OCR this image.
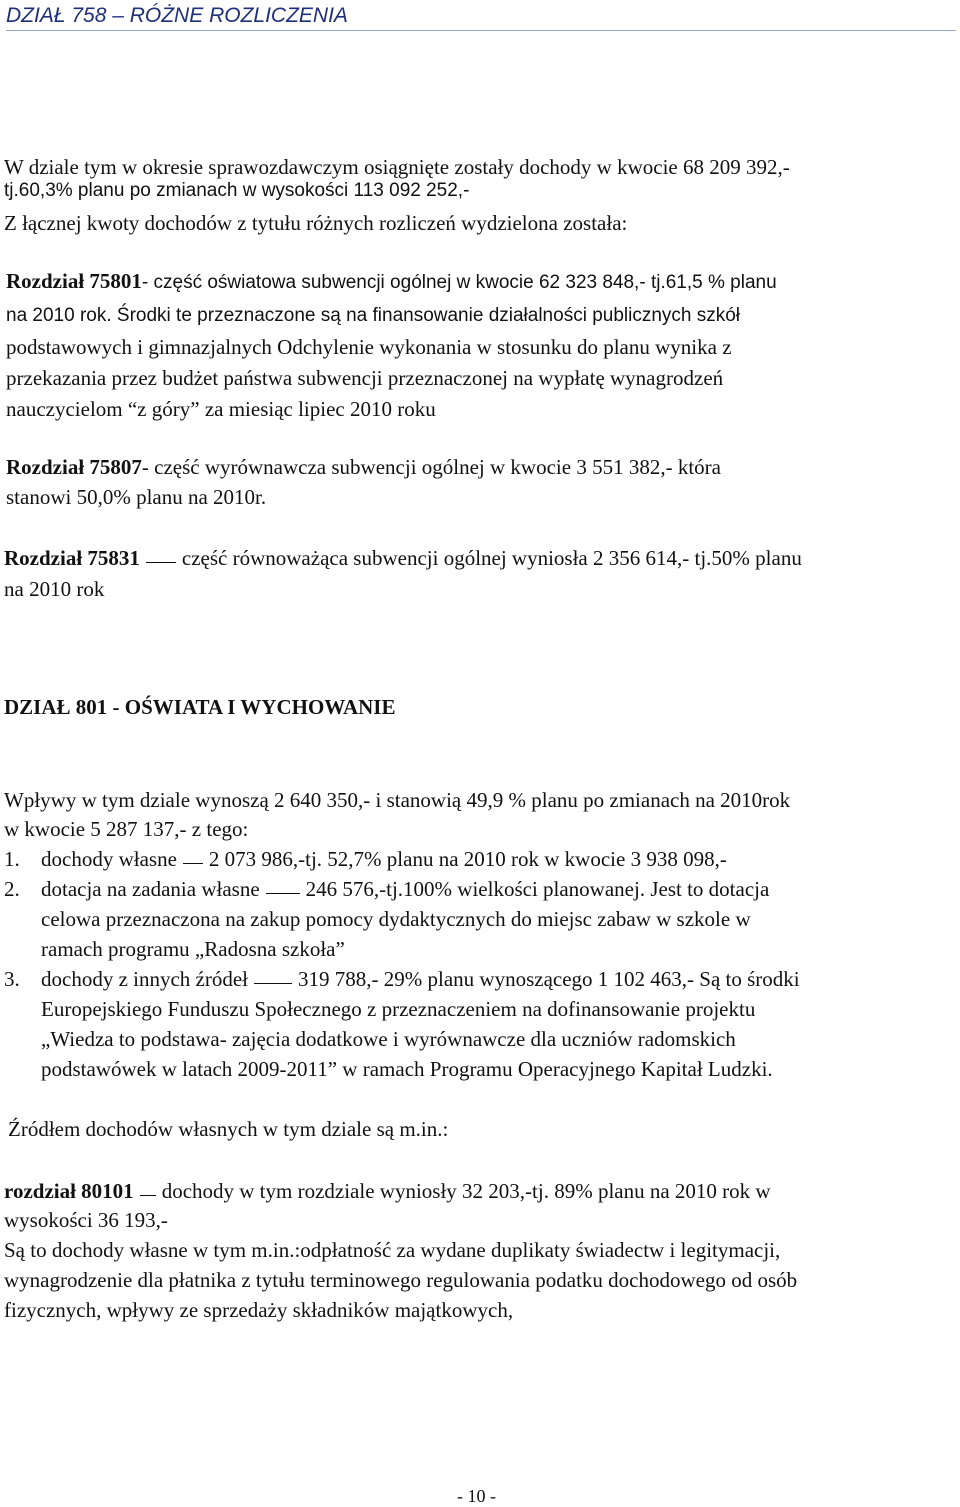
DZIAŁ 758 – RÓŻNE ROZLICZENIA
W dziale tym w okresie sprawozdawczym osiągnięte zostały dochody w kwocie 68 209 392,-
tj.60,3% planu po zmianach w wysokości 113 092 252,-
Z łącznej kwoty dochodów z tytułu różnych rozliczeń wydzielona została:
Rozdział 75801- część oświatowa subwencji ogólnej w kwocie 62 323 848,- tj.61,5 % planu
na 2010 rok. Środki te przeznaczone są na finansowanie działalności publicznych szkół
podstawowych i gimnazjalnych Odchylenie wykonania w stosunku do planu wynika z
przekazania przez budżet państwa subwencji przeznaczonej na wypłatę wynagrodzeń
nauczycielom “z góry” za miesiąc lipiec 2010 roku
Rozdział 75807- część wyrównawcza subwencji ogólnej w kwocie 3 551 382,- która
stanowi 50,0% planu na 2010r.
Rozdział 75831 część równoważąca subwencji ogólnej wyniosła 2 356 614,- tj.50% planu
na 2010 rok
DZIAŁ 801 - OŚWIATA I WYCHOWANIE
Wpływy w tym dziale wynoszą 2 640 350,- i stanowią 49,9 % planu po zmianach na 2010rok
w kwocie 5 287 137,- z tego:
1. dochody własne 2 073 986,-tj. 52,7% planu na 2010 rok w kwocie 3 938 098,-
2. dotacja na zadania własne 246 576,-tj.100% wielkości planowanej. Jest to dotacja
celowa przeznaczona na zakup pomocy dydaktycznych do miejsc zabaw w szkole w
ramach programu „Radosna szkoła”
3. dochody z innych źródeł 319 788,- 29% planu wynoszącego 1 102 463,- Są to środki
Europejskiego Funduszu Społecznego z przeznaczeniem na dofinansowanie projektu
„Wiedza to podstawa- zajęcia dodatkowe i wyrównawcze dla uczniów radomskich
podstawówek w latach 2009-2011” w ramach Programu Operacyjnego Kapitał Ludzki.
Źródłem dochodów własnych w tym dziale są m.in.:
rozdział 80101 dochody w tym rozdziale wyniosły 32 203,-tj. 89% planu na 2010 rok w
wysokości 36 193,-
Są to dochody własne w tym m.in.:odpłatność za wydane duplikaty świadectw i legitymacji,
wynagrodzenie dla płatnika z tytułu terminowego regulowania podatku dochodowego od osób
fizycznych, wpływy ze sprzedaży składników majątkowych,
- 10 -
